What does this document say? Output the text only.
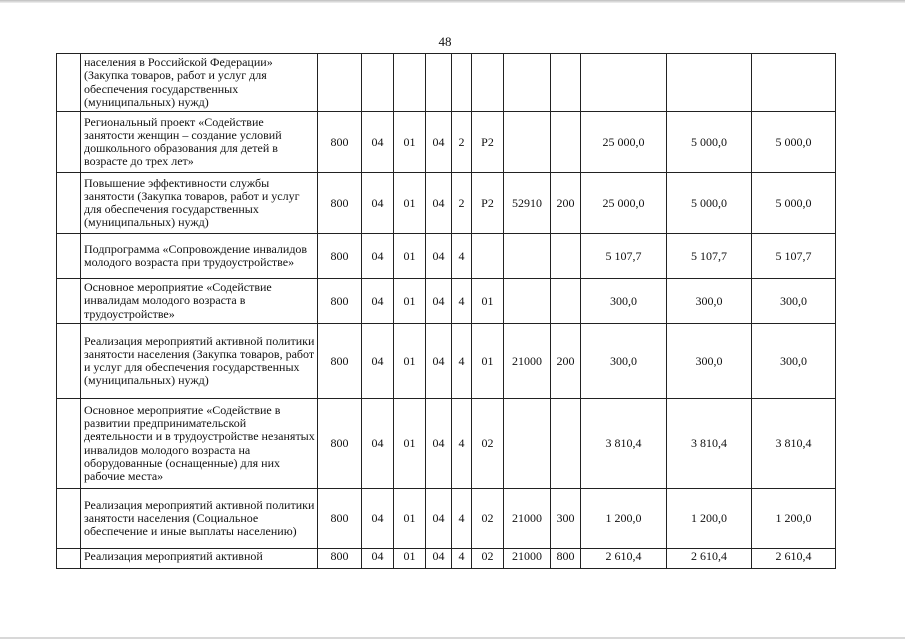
48
	населения в Российской Федерации» (Закупка товаров, работ и услуг для обеспечения государственных (муниципальных) нужд)											
	Региональный проект «Содействие занятости женщин – создание условий дошкольного образования для детей в возрасте до трех лет»	800	04	01	04	2	P2			25 000,0	5 000,0	5 000,0
	Повышение эффективности службы занятости (Закупка товаров, работ и услуг для обеспечения государственных (муниципальных) нужд)	800	04	01	04	2	P2	52910	200	25 000,0	5 000,0	5 000,0
	Подпрограмма «Сопровождение инвалидов молодого возраста при трудоустройстве»	800	04	01	04	4				5 107,7	5 107,7	5 107,7
	Основное мероприятие «Содействие инвалидам молодого возраста в трудоустройстве»	800	04	01	04	4	01			300,0	300,0	300,0
	Реализация мероприятий активной политики занятости населения (Закупка товаров, работ и услуг для обеспечения государственных (муниципальных) нужд)	800	04	01	04	4	01	21000	200	300,0	300,0	300,0
	Основное мероприятие «Содействие в развитии предпринимательской деятельности и в трудоустройстве незанятых инвалидов молодого возраста на оборудованные (оснащенные) для них рабочие места»	800	04	01	04	4	02			3 810,4	3 810,4	3 810,4
	Реализация мероприятий активной политики занятости населения (Социальное обеспечение и иные выплаты населению)	800	04	01	04	4	02	21000	300	1 200,0	1 200,0	1 200,0
	Реализация мероприятий активной	800	04	01	04	4	02	21000	800	2 610,4	2 610,4	2 610,4
